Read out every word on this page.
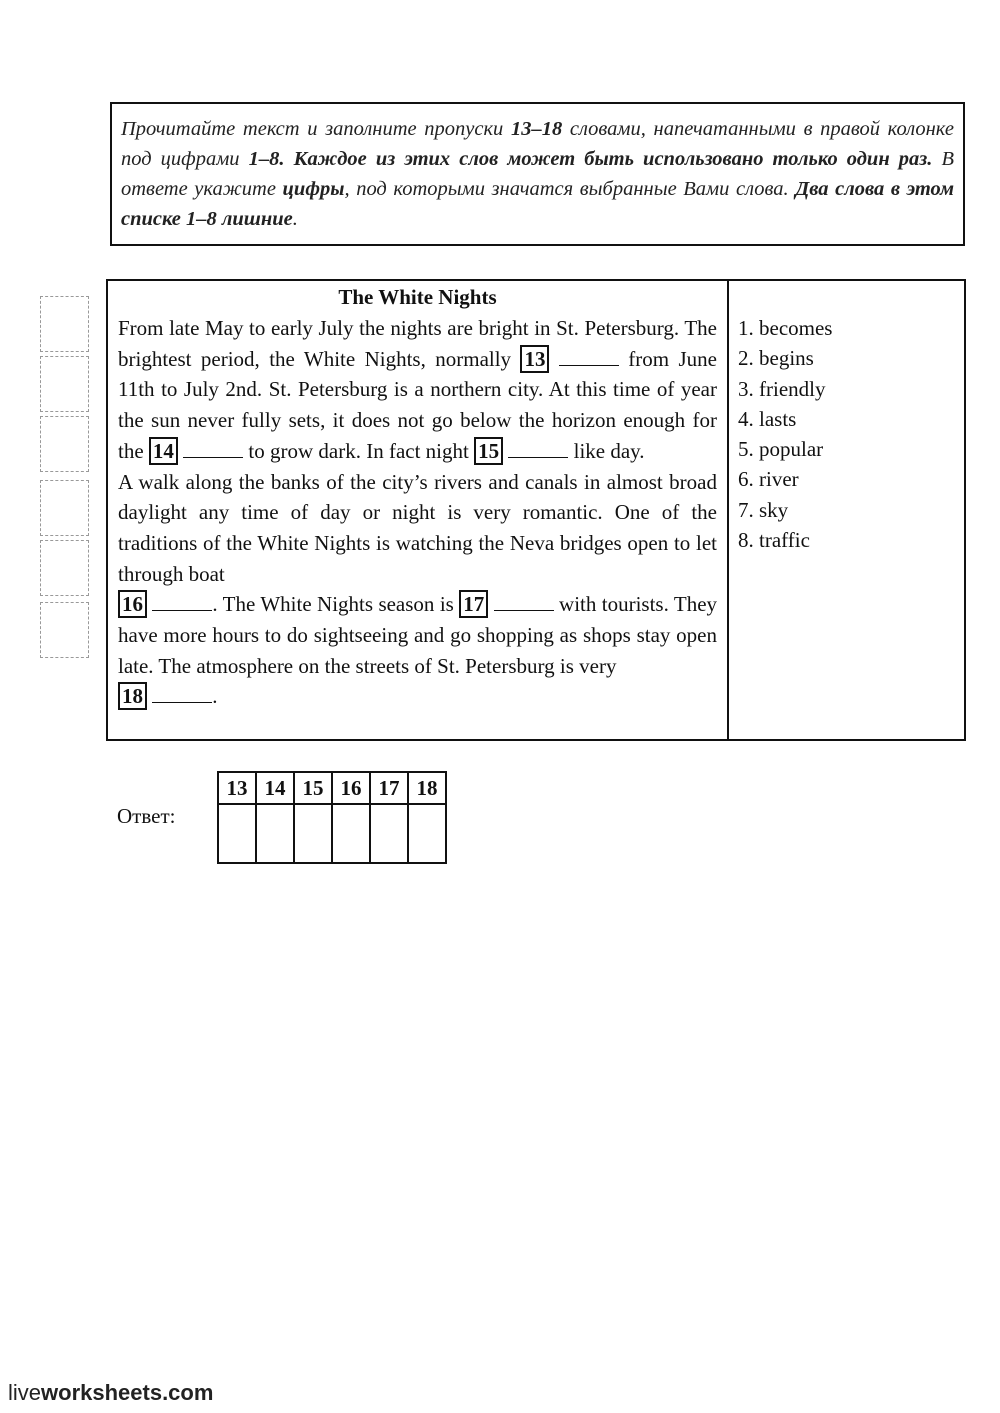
Прочитайте текст и заполните пропуски 13–18 словами, напечатанными в правой колонке под цифрами 1–8. Каждое из этих слов может быть использовано только один раз. В ответе укажите цифры, под которыми значатся выбранные Вами слова. Два слова в этом списке 1–8 лишние.
The White Nights

From late May to early July the nights are bright in St. Petersburg. The brightest period, the White Nights, normally 13	from June 11th to July 2nd. St. Petersburg is a northern city. At this time of year the sun never fully sets, it does not go below the horizon enough for the 14	to grow dark. In fact night 15	like day.

A walk along the banks of the city’s rivers and canals in almost broad daylight any time of day or night is very romantic. One of the traditions of the White Nights is watching the Neva bridges open to let through boat
16	. The White Nights season is 17	with tourists. They have more hours to do sightseeing and go shopping as shops stay open late. The atmosphere on the streets of St. Petersburg is very
18	.

1. becomes
2. begins
3. friendly
4. lasts
5. popular
6. river
7. sky
8. traffic
Ответ:
13	14	15	16	17	18

liveworksheets.com
